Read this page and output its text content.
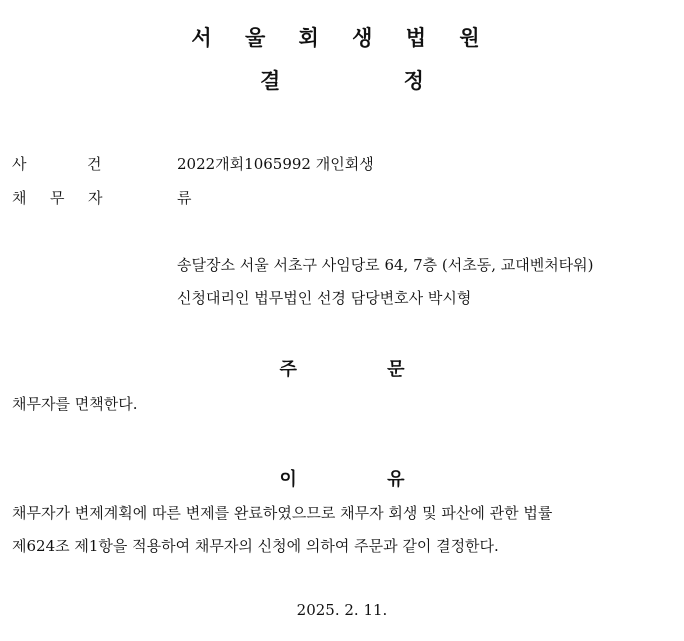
서 울 회 생 법 원
결	정
사	건	2022개회1065992 개인회생
채 무 자	류
송달장소 서울 서초구 사임당로 64, 7층 (서초동, 교대벤처타워)
신청대리인 법무법인 선경 담당변호사 박시형
주	문
채무자를 면책한다.
이	유
채무자가 변제계획에 따른 변제를 완료하였으므로 채무자 회생 및 파산에 관한 법률
제624조 제1항을 적용하여 채무자의 신청에 의하여 주문과 같이 결정한다.
2025. 2. 11.
